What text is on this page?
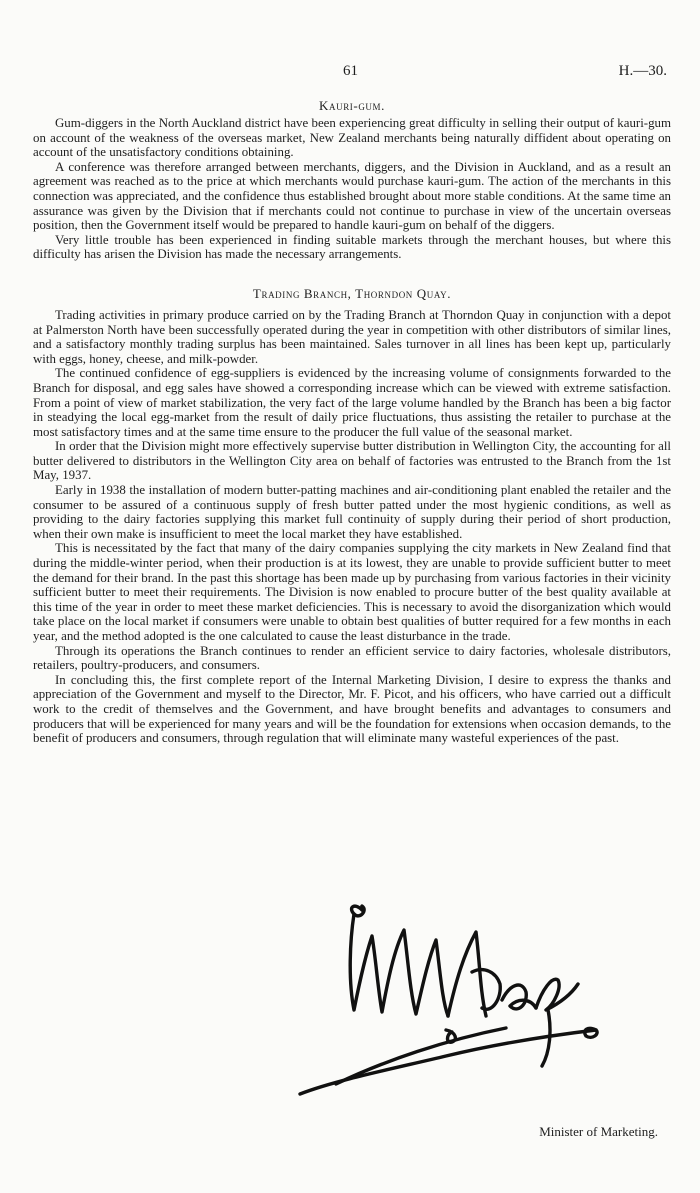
61	H.—30.
Kauri-gum.

Gum-diggers in the North Auckland district have been experiencing great difficulty in selling their output of kauri-gum on account of the weakness of the overseas market, New Zealand merchants being naturally diffident about operating on account of the unsatisfactory conditions obtaining.

A conference was therefore arranged between merchants, diggers, and the Division in Auckland, and as a result an agreement was reached as to the price at which merchants would purchase kauri-gum. The action of the merchants in this connection was appreciated, and the confidence thus established brought about more stable conditions. At the same time an assurance was given by the Division that if merchants could not continue to purchase in view of the uncertain overseas position, then the Government itself would be prepared to handle kauri-gum on behalf of the diggers.

Very little trouble has been experienced in finding suitable markets through the merchant houses, but where this difficulty has arisen the Division has made the necessary arrangements.

Trading Branch, Thorndon Quay.

Trading activities in primary produce carried on by the Trading Branch at Thorndon Quay in conjunction with a depot at Palmerston North have been successfully operated during the year in competition with other distributors of similar lines, and a satisfactory monthly trading surplus has been maintained. Sales turnover in all lines has been kept up, particularly with eggs, honey, cheese, and milk-powder.

The continued confidence of egg-suppliers is evidenced by the increasing volume of consignments forwarded to the Branch for disposal, and egg sales have showed a corresponding increase which can be viewed with extreme satisfaction. From a point of view of market stabilization, the very fact of the large volume handled by the Branch has been a big factor in steadying the local egg-market from the result of daily price fluctuations, thus assisting the retailer to purchase at the most satisfactory times and at the same time ensure to the producer the full value of the seasonal market.

In order that the Division might more effectively supervise butter distribution in Wellington City, the accounting for all butter delivered to distributors in the Wellington City area on behalf of factories was entrusted to the Branch from the 1st May, 1937.

Early in 1938 the installation of modern butter-patting machines and air-conditioning plant enabled the retailer and the consumer to be assured of a continuous supply of fresh butter patted under the most hygienic conditions, as well as providing to the dairy factories supplying this market full continuity of supply during their period of short production, when their own make is insufficient to meet the local market they have established.

This is necessitated by the fact that many of the dairy companies supplying the city markets in New Zealand find that during the middle-winter period, when their production is at its lowest, they are unable to provide sufficient butter to meet the demand for their brand. In the past this shortage has been made up by purchasing from various factories in their vicinity sufficient butter to meet their requirements. The Division is now enabled to procure butter of the best quality available at this time of the year in order to meet these market deficiencies. This is necessary to avoid the disorganization which would take place on the local market if consumers were unable to obtain best qualities of butter required for a few months in each year, and the method adopted is the one calculated to cause the least disturbance in the trade.

Through its operations the Branch continues to render an efficient service to dairy factories, wholesale distributors, retailers, poultry-producers, and consumers.

In concluding this, the first complete report of the Internal Marketing Division, I desire to express the thanks and appreciation of the Government and myself to the Director, Mr. F. Picot, and his officers, who have carried out a difficult work to the credit of themselves and the Government, and have brought benefits and advantages to consumers and producers that will be experienced for many years and will be the foundation for extensions when occasion demands, to the benefit of producers and consumers, through regulation that will eliminate many wasteful experiences of the past.

Minister of Marketing.
